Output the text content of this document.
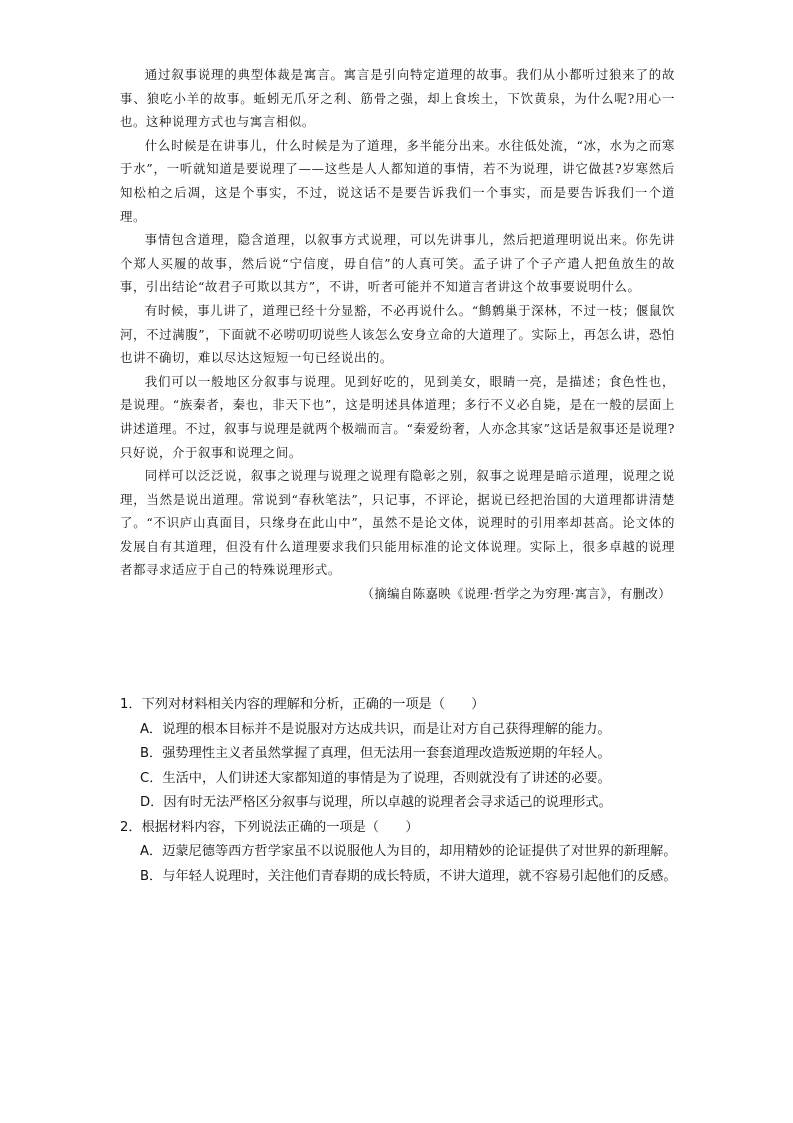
通过叙事说理的典型体裁是寓言。寓言是引向特定道理的故事。我们从小都听过狼来了的故事、狼吃小羊的故事。蚯蚓无爪牙之利、筋骨之强，却上食埃土，下饮黄泉，为什么呢?用心一也。这种说理方式也与寓言相似。

什么时候是在讲事儿，什么时候是为了道理，多半能分出来。水往低处流，“冰，水为之而寒于水”，一听就知道是要说理了——这些是人人都知道的事情，若不为说理，讲它做甚?岁寒然后知松柏之后凋，这是个事实，不过，说这话不是要告诉我们一个事实，而是要告诉我们一个道理。

事情包含道理，隐含道理，以叙事方式说理，可以先讲事儿，然后把道理明说出来。你先讲个郑人买履的故事，然后说“宁信度，毋自信”的人真可笑。孟子讲了个子产遣人把鱼放生的故事，引出结论“故君子可欺以其方”，不讲，听者可能并不知道言者讲这个故事要说明什么。

有时候，事儿讲了，道理已经十分显豁，不必再说什么。“鹪鹩巢于深林，不过一枝；偃鼠饮河，不过满腹”，下面就不必唠叨叨说些人该怎么安身立命的大道理了。实际上，再怎么讲，恐怕也讲不确切，难以尽达这短短一句已经说出的。

我们可以一般地区分叙事与说理。见到好吃的，见到美女，眼睛一亮，是描述；食色性也，是说理。“族秦者，秦也，非天下也”，这是明述具体道理；多行不义必自毙，是在一般的层面上讲述道理。不过，叙事与说理是就两个极端而言。“秦爱纷奢，人亦念其家”这话是叙事还是说理?只好说，介于叙事和说理之间。

同样可以泛泛说，叙事之说理与说理之说理有隐彰之别，叙事之说理是暗示道理，说理之说理，当然是说出道理。常说到“春秋笔法”，只记事，不评论，据说已经把治国的大道理都讲清楚了。“不识庐山真面目，只缘身在此山中”，虽然不是论文体，说理时的引用率却甚高。论文体的发展自有其道理，但没有什么道理要求我们只能用标准的论文体说理。实际上，很多卓越的说理者都寻求适应于自己的特殊说理形式。

（摘编自陈嘉映《说理·哲学之为穷理·寓言》，有删改）

1．下列对材料相关内容的理解和分析，正确的一项是（　　）

A．说理的根本目标并不是说服对方达成共识，而是让对方自己获得理解的能力。

B．强势理性主义者虽然掌握了真理，但无法用一套套道理改造叛逆期的年轻人。

C．生活中，人们讲述大家都知道的事情是为了说理，否则就没有了讲述的必要。

D．因有时无法严格区分叙事与说理，所以卓越的说理者会寻求适己的说理形式。

2．根据材料内容，下列说法正确的一项是（　　）

A．迈蒙尼德等西方哲学家虽不以说服他人为目的，却用精妙的论证提供了对世界的新理解。

B．与年轻人说理时，关注他们青春期的成长特质，不讲大道理，就不容易引起他们的反感。
